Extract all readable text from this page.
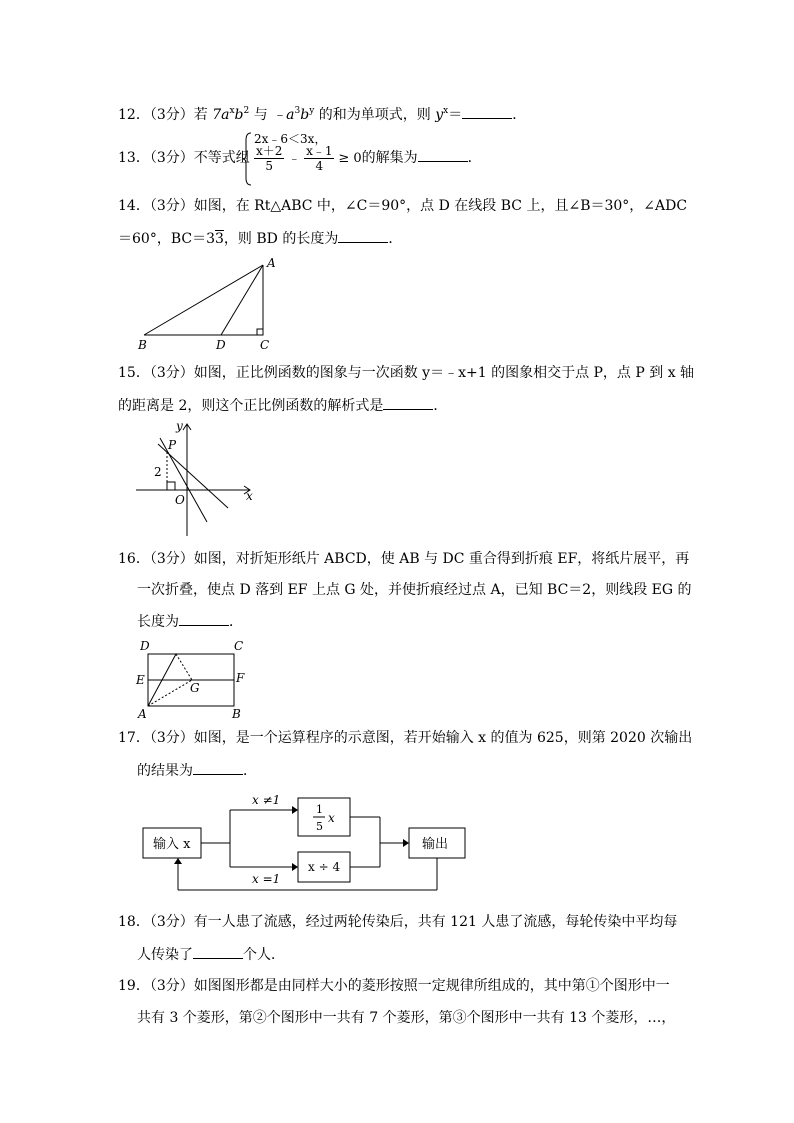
12．（3分）若 $7a^xb^2$ 与 $﹣a^3b^y$ 的和为单项式，则 $y^x=$	．
13．（3分）不等式组
2x﹣6＜3x，
$\frac{x+2}{5}$ ﹣ $\frac{x﹣1}{4} \ge 0$的解集为	．
14．（3分）如图，在 Rt△ABC 中，∠C＝90°，点 D 在线段 BC 上，且∠B＝30°，∠ADC
＝60°，BC＝33，则 BD 的长度为	．
A
B	C
D
15．（3分）如图，正比例函数的图象与一次函数 y＝﹣x+1 的图象相交于点 P，点 P 到 x 轴
的距离是 2，则这个正比例函数的解析式是	．
y
x
P
O
2
16．（3分）如图，对折矩形纸片 ABCD，使 AB 与 DC 重合得到折痕 EF，将纸片展平，再
一次折叠，使点 D 落到 EF 上点 G 处，并使折痕经过点 A，已知 BC＝2，则线段 EG 的
长度为	．
D	C
E	F
G
A	B
17．（3分）如图，是一个运算程序的示意图，若开始输入 x 的值为 625，则第 2020 次输出
的结果为	．
输入 x
x ≠1
x =1
1
5
x
x ÷ 4
输出
18．（3分）有一人患了流感，经过两轮传染后，共有 121 人患了流感，每轮传染中平均每
人传染了	个人．
19．（3分）如图图形都是由同样大小的菱形按照一定规律所组成的，其中第①个图形中一
共有 3 个菱形，第②个图形中一共有 7 个菱形，第③个图形中一共有 13 个菱形，…，
